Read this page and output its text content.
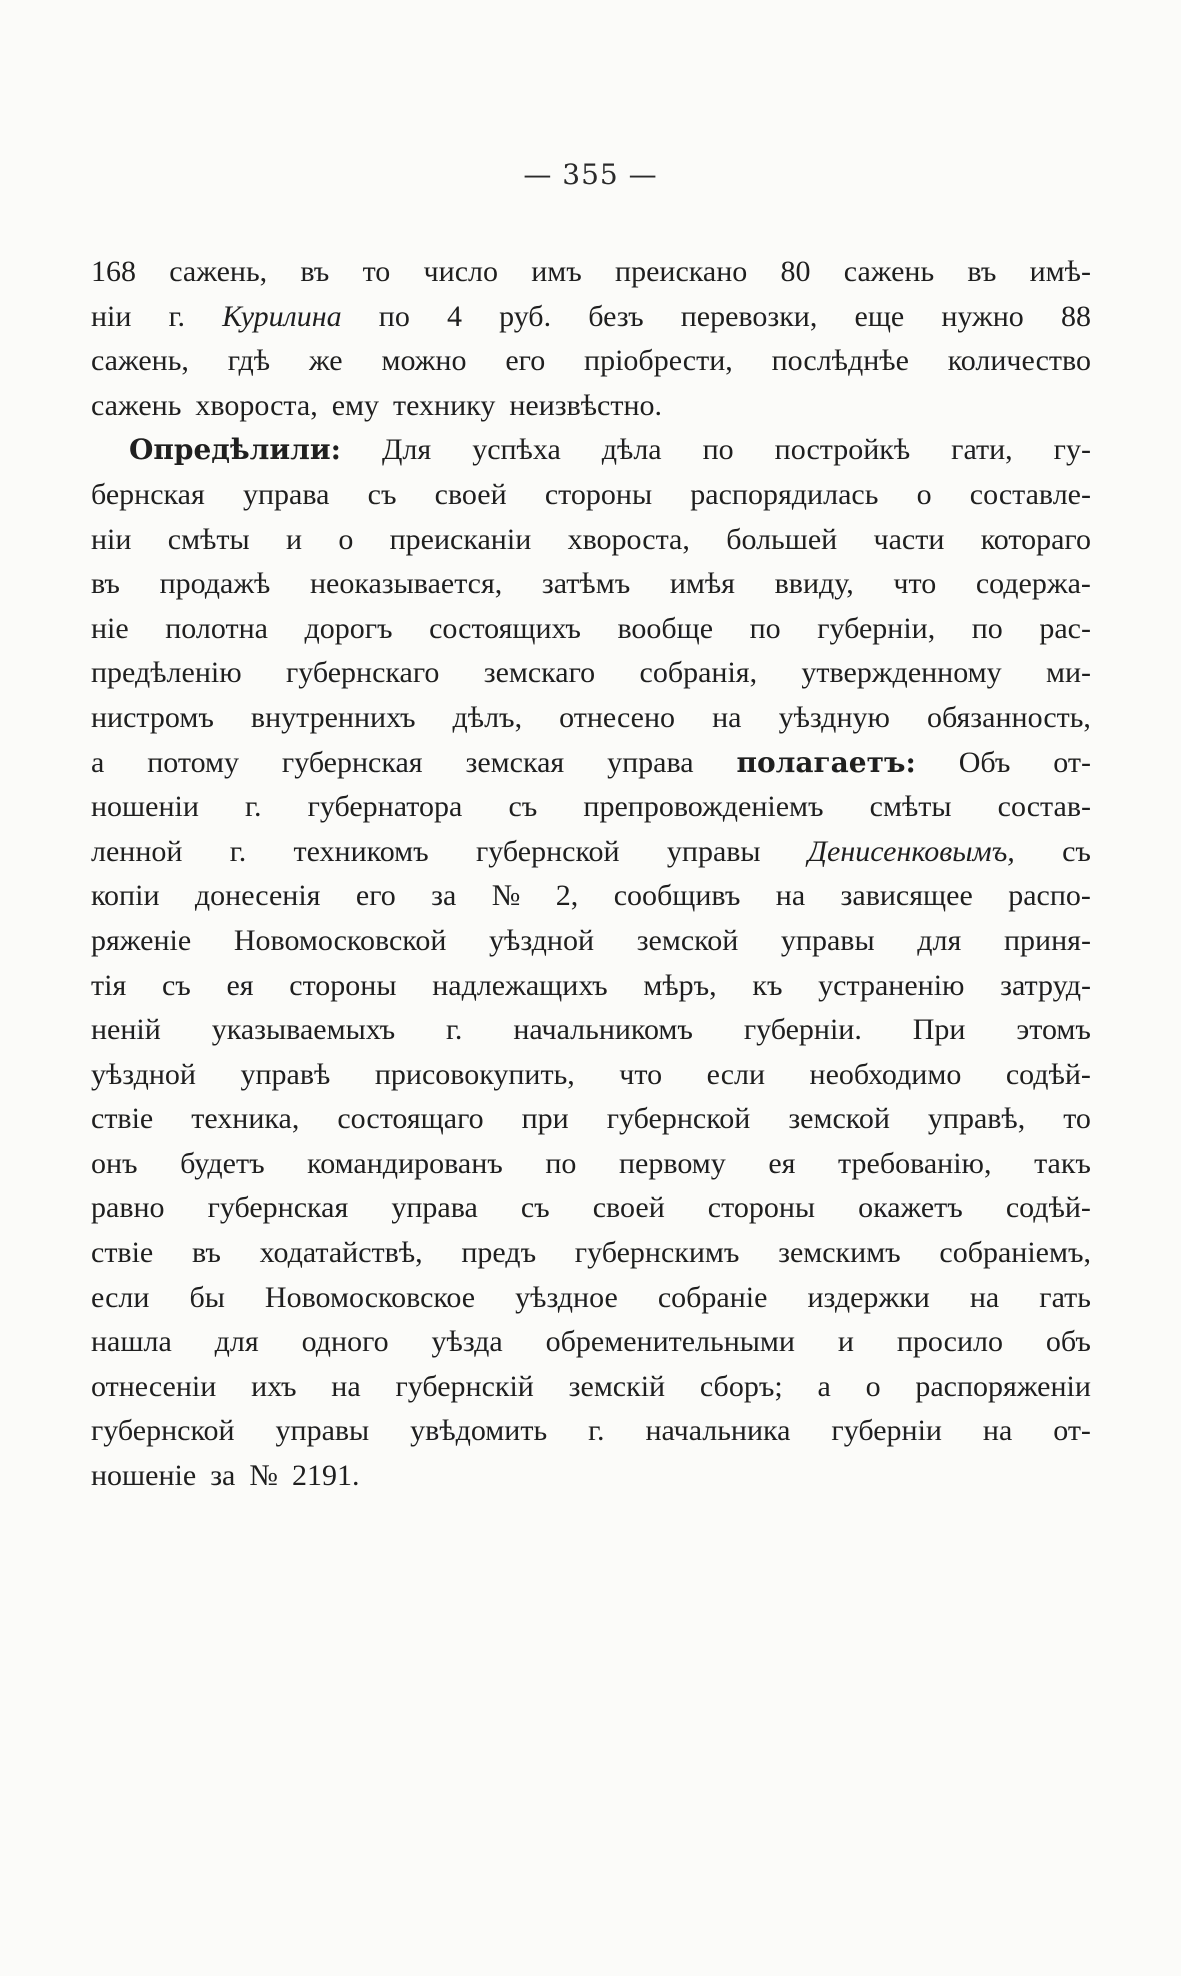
— 355 —
168 сажень, въ то число имъ преискано 80 сажень въ имѣ-
нiи г. Курилина по 4 руб. безъ перевозки, еще нужно 88
сажень, гдѣ же можно его прiобрести, послѣднѣе количество
сажень хвороста, ему технику неизвѣстно.
Опредѣлили: Для успѣха дѣла по постройкѣ гати, гу-
бернская управа съ своей стороны распорядилась о составле-
нiи смѣты и о преисканiи хвороста, большей части котораго
въ продажѣ неоказывается, затѣмъ имѣя ввиду, что содержа-
нiе полотна дорогъ состоящихъ вообще по губернiи, по рас-
предѣленiю губернскаго земскаго собранiя, утвержденному ми-
нистромъ внутреннихъ дѣлъ, отнесено на уѣздную обязанность,
а потому губернская земская управа полагаетъ: Объ от-
ношенiи г. губернатора съ препровожденiемъ смѣты состав-
ленной г. техникомъ губернской управы Денисенковымъ, съ
копiи донесенiя его за № 2, сообщивъ на зависящее распо-
ряженiе Новомосковской уѣздной земской управы для приня-
тiя съ ея стороны надлежащихъ мѣръ, къ устраненiю затруд-
ненiй указываемыхъ г. начальникомъ губернiи. При этомъ
уѣздной управѣ присовокупить, что если необходимо содѣй-
ствiе техника, состоящаго при губернской земской управѣ, то
онъ будетъ командированъ по первому ея требованiю, такъ
равно губернская управа съ своей стороны окажетъ содѣй-
ствiе въ ходатайствѣ, предъ губернскимъ земскимъ собранiемъ,
если бы Новомосковское уѣздное собранiе издержки на гать
нашла для одного уѣзда обременительными и просило объ
отнесенiи ихъ на губернскiй земскiй сборъ; а о распоряженiи
губернской управы увѣдомить г. начальника губернiи на от-
ношенiе за № 2191.
